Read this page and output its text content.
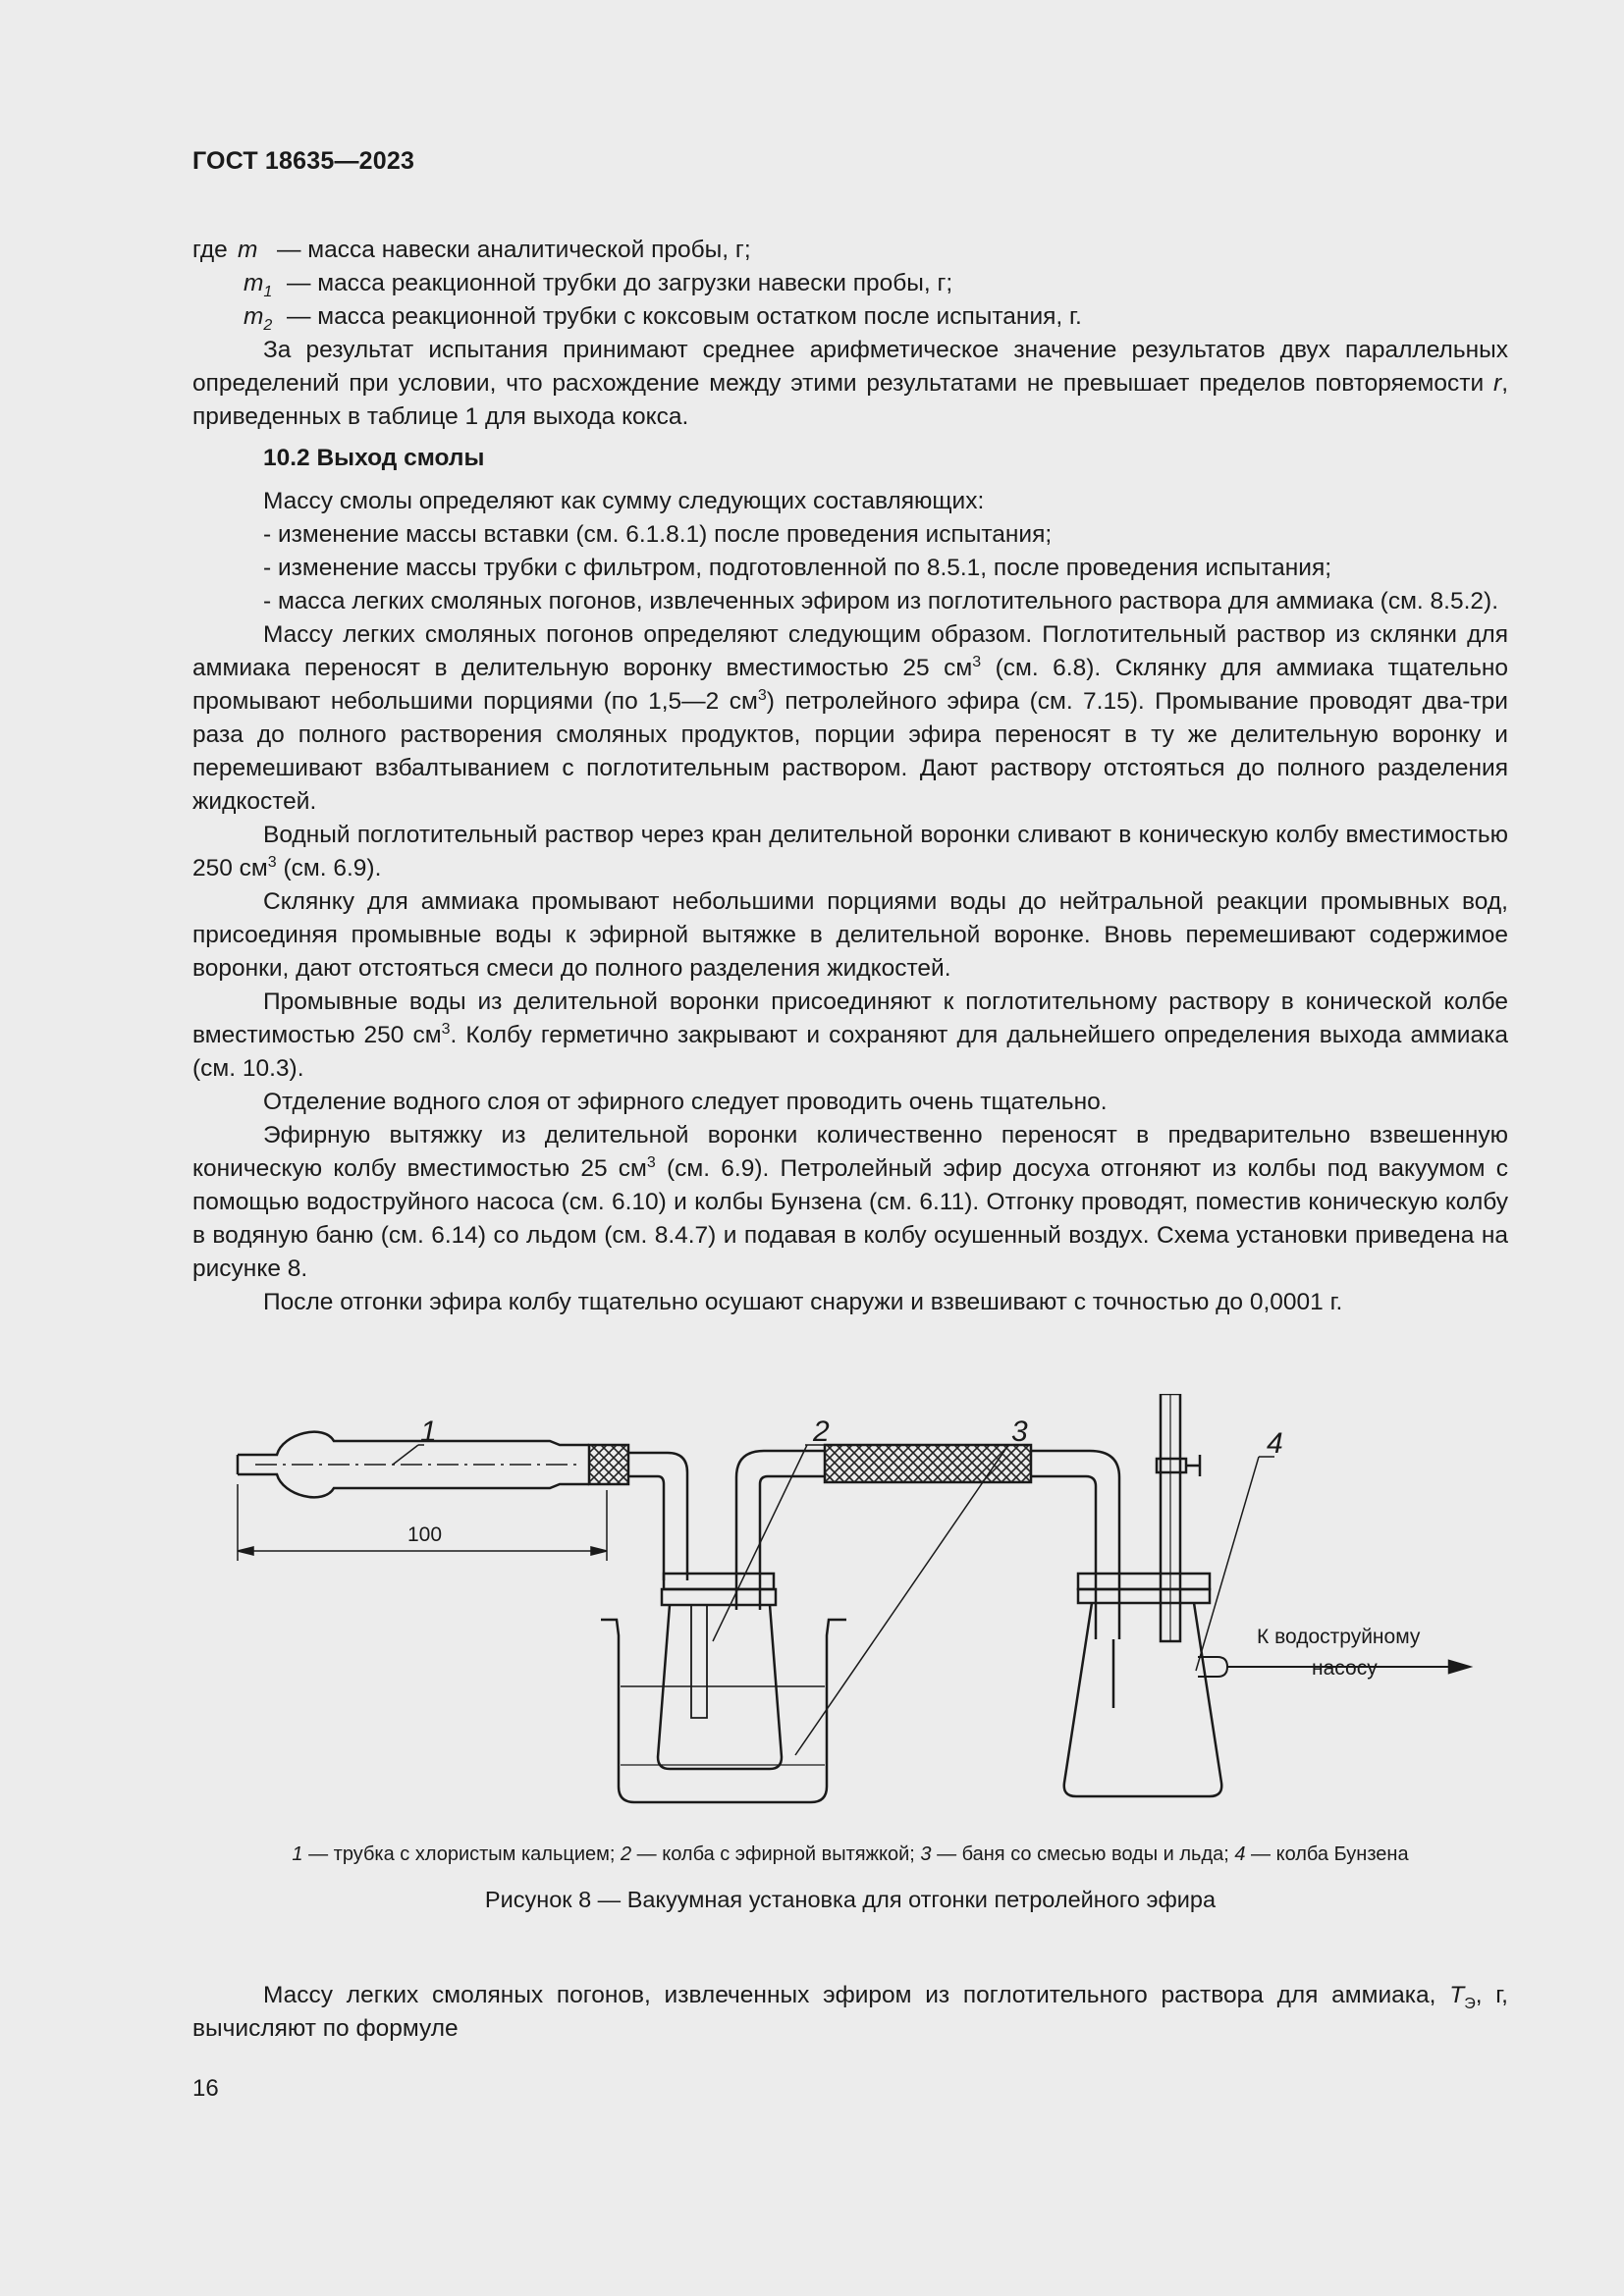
ГОСТ 18635—2023

где m — масса навески аналитической пробы, г;

$m_1$ — масса реакционной трубки до загрузки навески пробы, г;

$m_2$ — масса реакционной трубки с коксовым остатком после испытания, г.

За результат испытания принимают среднее арифметическое значение результатов двух параллельных определений при условии, что расхождение между этими результатами не превышает пределов повторяемости r, приведенных в таблице 1 для выхода кокса.

10.2 Выход смолы

Массу смолы определяют как сумму следующих составляющих:

- изменение массы вставки (см. 6.1.8.1) после проведения испытания;

- изменение массы трубки с фильтром, подготовленной по 8.5.1, после проведения испытания;

- масса легких смоляных погонов, извлеченных эфиром из поглотительного раствора для аммиака (см. 8.5.2).

Массу легких смоляных погонов определяют следующим образом. Поглотительный раствор из склянки для аммиака переносят в делительную воронку вместимостью 25 $см^3$ (см. 6.8). Склянку для аммиака тщательно промывают небольшими порциями (по 1,5—2 $см^3$) петролейного эфира (см. 7.15). Промывание проводят два-три раза до полного растворения смоляных продуктов, порции эфира переносят в ту же делительную воронку и перемешивают взбалтыванием с поглотительным раствором. Дают раствору отстояться до полного разделения жидкостей.

Водный поглотительный раствор через кран делительной воронки сливают в коническую колбу вместимостью 250 $см^3$ (см. 6.9).

Склянку для аммиака промывают небольшими порциями воды до нейтральной реакции промывных вод, присоединяя промывные воды к эфирной вытяжке в делительной воронке. Вновь перемешивают содержимое воронки, дают отстояться смеси до полного разделения жидкостей.

Промывные воды из делительной воронки присоединяют к поглотительному раствору в конической колбе вместимостью 250 $см^3$. Колбу герметично закрывают и сохраняют для дальнейшего определения выхода аммиака (см. 10.3).

Отделение водного слоя от эфирного следует проводить очень тщательно.

Эфирную вытяжку из делительной воронки количественно переносят в предварительно взвешенную коническую колбу вместимостью 25 $см^3$ (см. 6.9). Петролейный эфир досуха отгоняют из колбы под вакуумом с помощью водоструйного насоса (см. 6.10) и колбы Бунзена (см. 6.11). Отгонку проводят, поместив коническую колбу в водяную баню (см. 6.14) со льдом (см. 8.4.7) и подавая в колбу осушенный воздух. Схема установки приведена на рисунке 8.

После отгонки эфира колбу тщательно осушают снаружи и взвешивают с точностью до 0,0001 г.

1	2	3	4
100
К водоструйному
насосу
1 — трубка с хлористым кальцием; 2 — колба с эфирной вытяжкой; 3 — баня со смесью воды и льда; 4 — колба Бунзена
Рисунок 8 — Вакуумная установка для отгонки петролейного эфира

Массу легких смоляных погонов, извлеченных эфиром из поглотительного раствора для аммиака, $T_Э$, г, вычисляют по формуле

16
